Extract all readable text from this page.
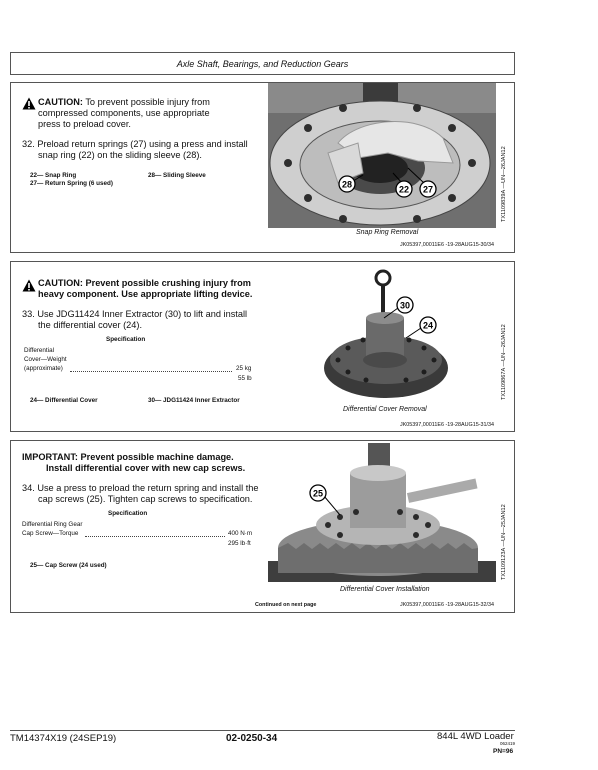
Axle Shaft, Bearings, and Reduction Gears
CAUTION: To prevent possible injury from
compressed components, use appropriate
press to preload cover.
32. Preload return springs (27) using a press and install
snap ring (22) on the sliding sleeve (28).
22— Snap Ring
27— Return Spring (6 used)
28— Sliding Sleeve
28	22 27	TX1109839A —UN—26JAN12
Snap Ring Removal
JK05397,00011E6 -19-28AUG15-30/34
CAUTION: Prevent possible crushing injury from
heavy component. Use appropriate lifting device.
33. Use JDG11424 Inner Extractor (30) to lift and install
the differential cover (24).
Specification
Differential
Cover—Weight
(approximate)	25 kg
55 lb
24— Differential Cover	30— JDG11424 Inner Extractor
30
24	TX1109867A —UN—26JAN12
Differential Cover Removal
JK05397,00011E6 -19-28AUG15-31/34
IMPORTANT: Prevent possible machine damage.
Install differential cover with new cap screws.
34. Use a press to preload the return spring and install the
cap screws (25). Tighten cap screws to specification.
Specification
Differential Ring Gear
Cap Screw—Torque	400 N·m
295 lb·ft
25— Cap Screw (24 used)
25
TX1109123A —UN—25JAN12
Differential Cover Installation
Continued on next page	JK05397,00011E6 -19-28AUG15-32/34
TM14374X19 (24SEP19)	02-0250-34	844L 4WD Loader
062419
PN=96
